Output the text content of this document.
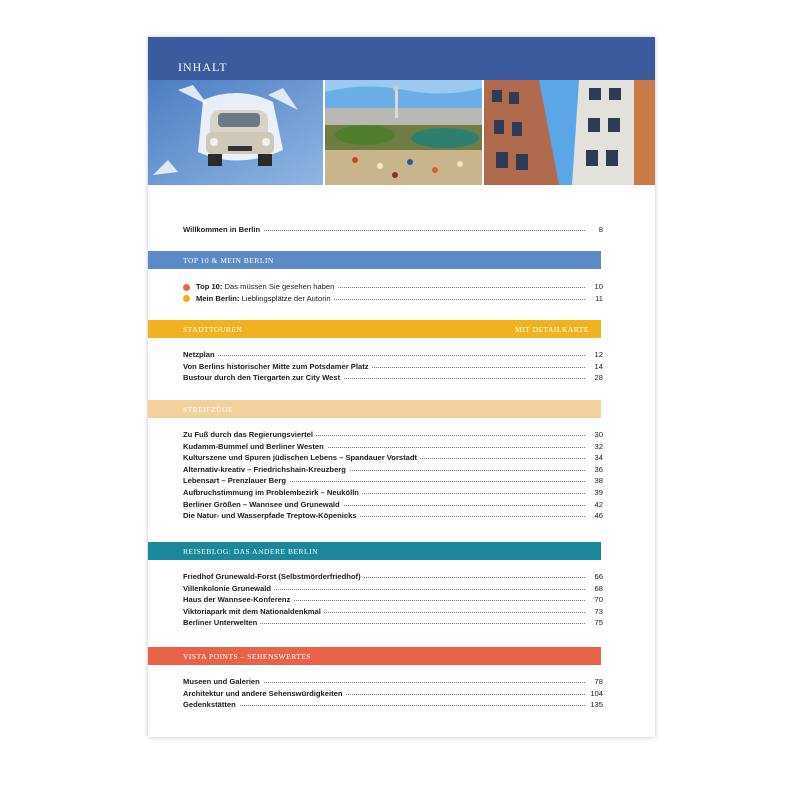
INHALT
Willkommen in Berlin	8
TOP 10 & MEIN BERLIN
Top 10: Das müssen Sie gesehen haben	10
Mein Berlin: Lieblingsplätze der Autorin	11
STADTTOUREN	MIT DETAILKARTE
Netzplan	12
Von Berlins historischer Mitte zum Potsdamer Platz	14
Bustour durch den Tiergarten zur City West	28
STREIFZÜGE
Zu Fuß durch das Regierungsviertel	30
Kudamm-Bummel und Berliner Westen	32
Kulturszene und Spuren jüdischen Lebens – Spandauer Vorstadt	34
Alternativ-kreativ – Friedrichshain-Kreuzberg	36
Lebensart – Prenzlauer Berg	38
Aufbruchstimmung im Problembezirk – Neukölln	39
Berliner Größen – Wannsee und Grunewald	42
Die Natur- und Wasserpfade Treptow-Köpenicks	46
REISEBLOG: DAS ANDERE BERLIN
Friedhof Grunewald-Forst (Selbstmörderfriedhof)	66
Villenkolonie Grunewald	68
Haus der Wannsee-Konferenz	70
Viktoriapark mit dem Nationaldenkmal	73
Berliner Unterwelten	75
VISTA POINTS – SEHENSWERTES
Museen und Galerien	78
Architektur und andere Sehenswürdigkeiten	104
Gedenkstätten	135
